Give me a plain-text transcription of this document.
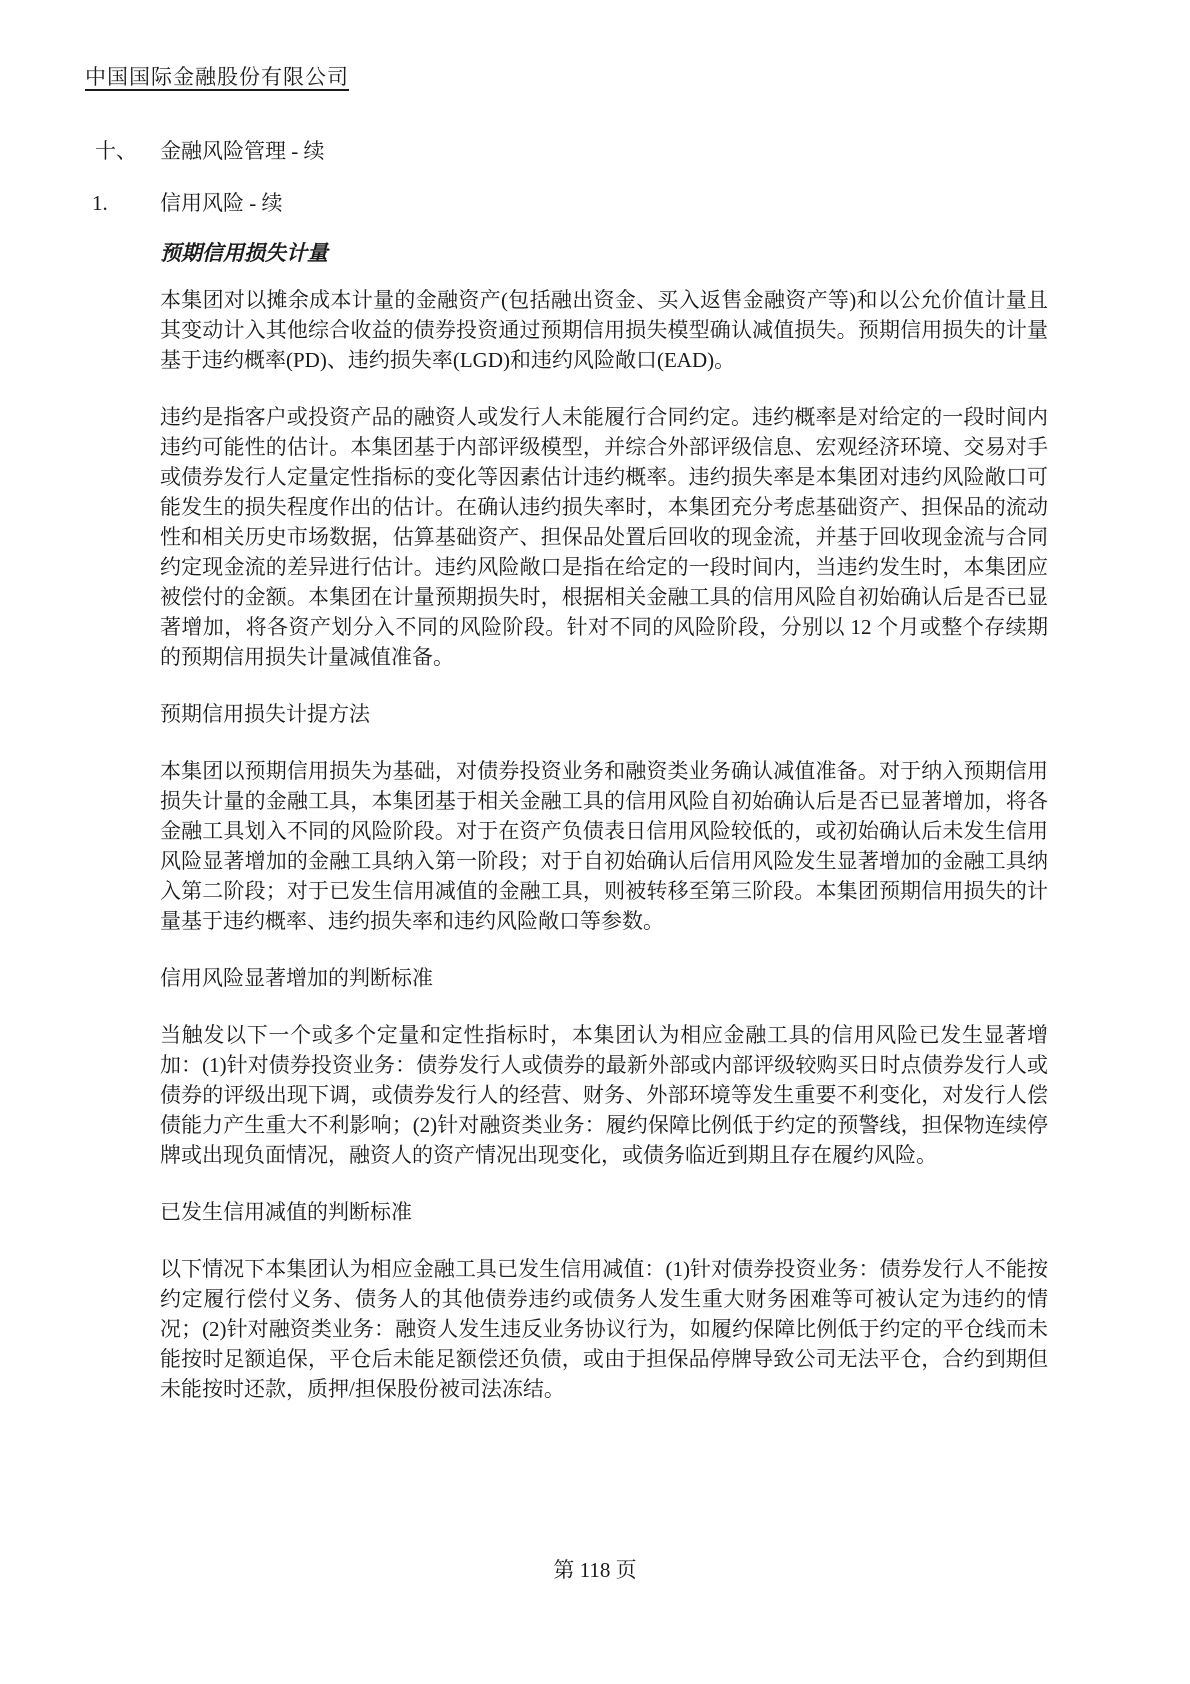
中国国际金融股份有限公司
十、	金融风险管理 - 续
1.	信用风险 - 续

预期信用损失计量

本集团对以摊余成本计量的金融资产(包括融出资金、买入返售金融资产等)和以公允价值计量且其变动计入其他综合收益的债券投资通过预期信用损失模型确认减值损失。预期信用损失的计量基于违约概率(PD)、违约损失率(LGD)和违约风险敞口(EAD)。

违约是指客户或投资产品的融资人或发行人未能履行合同约定。违约概率是对给定的一段时间内违约可能性的估计。本集团基于内部评级模型，并综合外部评级信息、宏观经济环境、交易对手或债券发行人定量定性指标的变化等因素估计违约概率。违约损失率是本集团对违约风险敞口可能发生的损失程度作出的估计。在确认违约损失率时，本集团充分考虑基础资产、担保品的流动性和相关历史市场数据，估算基础资产、担保品处置后回收的现金流，并基于回收现金流与合同约定现金流的差异进行估计。违约风险敞口是指在给定的一段时间内，当违约发生时，本集团应被偿付的金额。本集团在计量预期损失时，根据相关金融工具的信用风险自初始确认后是否已显著增加，将各资产划分入不同的风险阶段。针对不同的风险阶段，分别以 12 个月或整个存续期的预期信用损失计量减值准备。

预期信用损失计提方法

本集团以预期信用损失为基础，对债券投资业务和融资类业务确认减值准备。对于纳入预期信用损失计量的金融工具，本集团基于相关金融工具的信用风险自初始确认后是否已显著增加，将各金融工具划入不同的风险阶段。对于在资产负债表日信用风险较低的，或初始确认后未发生信用风险显著增加的金融工具纳入第一阶段；对于自初始确认后信用风险发生显著增加的金融工具纳入第二阶段；对于已发生信用减值的金融工具，则被转移至第三阶段。本集团预期信用损失的计量基于违约概率、违约损失率和违约风险敞口等参数。

信用风险显著增加的判断标准

当触发以下一个或多个定量和定性指标时，本集团认为相应金融工具的信用风险已发生显著增加：(1)针对债券投资业务：债券发行人或债券的最新外部或内部评级较购买日时点债券发行人或债券的评级出现下调，或债券发行人的经营、财务、外部环境等发生重要不利变化，对发行人偿债能力产生重大不利影响；(2)针对融资类业务：履约保障比例低于约定的预警线，担保物连续停牌或出现负面情况，融资人的资产情况出现变化，或债务临近到期且存在履约风险。

已发生信用减值的判断标准

以下情况下本集团认为相应金融工具已发生信用减值：(1)针对债券投资业务：债券发行人不能按约定履行偿付义务、债务人的其他债券违约或债务人发生重大财务困难等可被认定为违约的情况；(2)针对融资类业务：融资人发生违反业务协议行为，如履约保障比例低于约定的平仓线而未能按时足额追保，平仓后未能足额偿还负债，或由于担保品停牌导致公司无法平仓，合约到期但未能按时还款，质押/担保股份被司法冻结。

第 118 页
